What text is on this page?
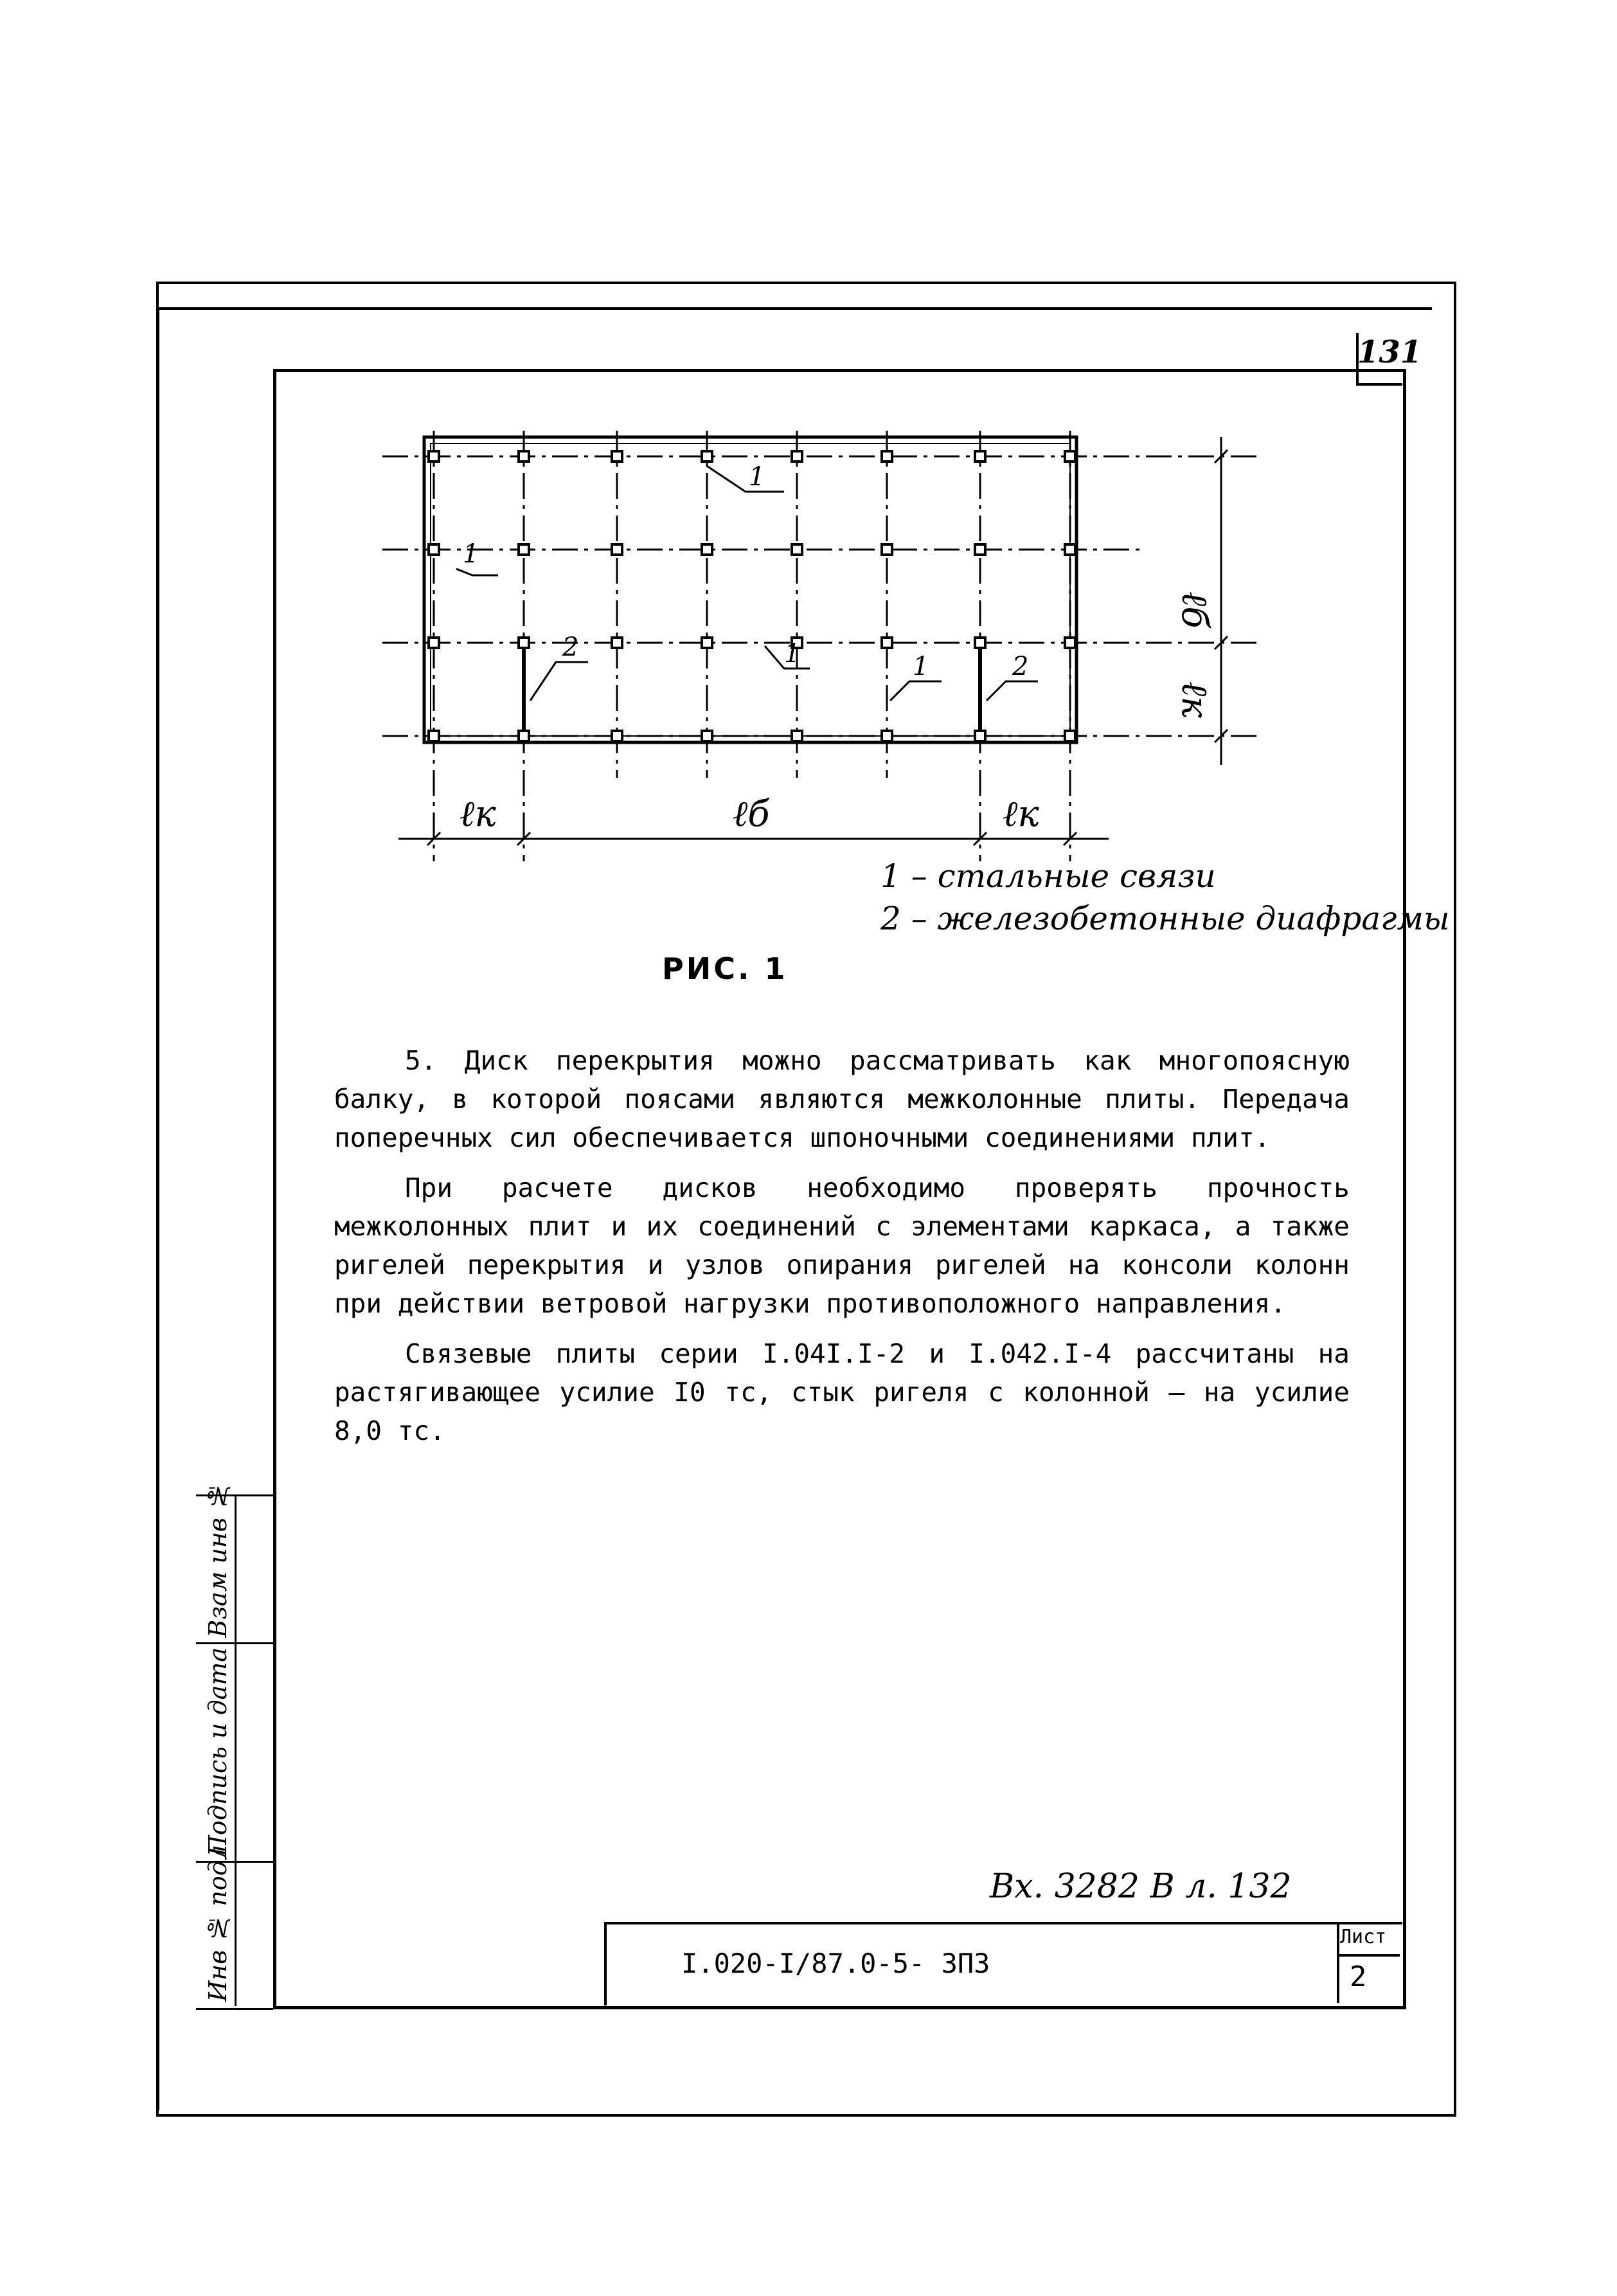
131
ℓб
ℓк
ℓк	ℓб	ℓк
1
1
2	1	1	2
1 – стальные связи
2 – железобетонные диафрагмы
РИС. 1

5. Диск перекрытия можно рассматривать как многопоясную балку, в которой поясами являются межколонные плиты. Передача поперечных сил обеспечивается шпоночными соединениями плит.

При расчете дисков необходимо проверять прочность межколонных плит и их соединений с элементами каркаса, а также ригелей перекрытия и узлов опирания ригелей на консоли колонн при действии ветровой нагрузки противоположного направления.

Связевые плиты серии I.04I.I-2 и I.042.I-4 рассчитаны на растягивающее усилие I0 тс, стык ригеля с колонной – на усилие 8,0 тс.

Взам инв №
Подпись и дата
Инв № подл	Вх. 3282 В л. 132
I.020-I/87.0-5- ЗПЗ
Лист
2
